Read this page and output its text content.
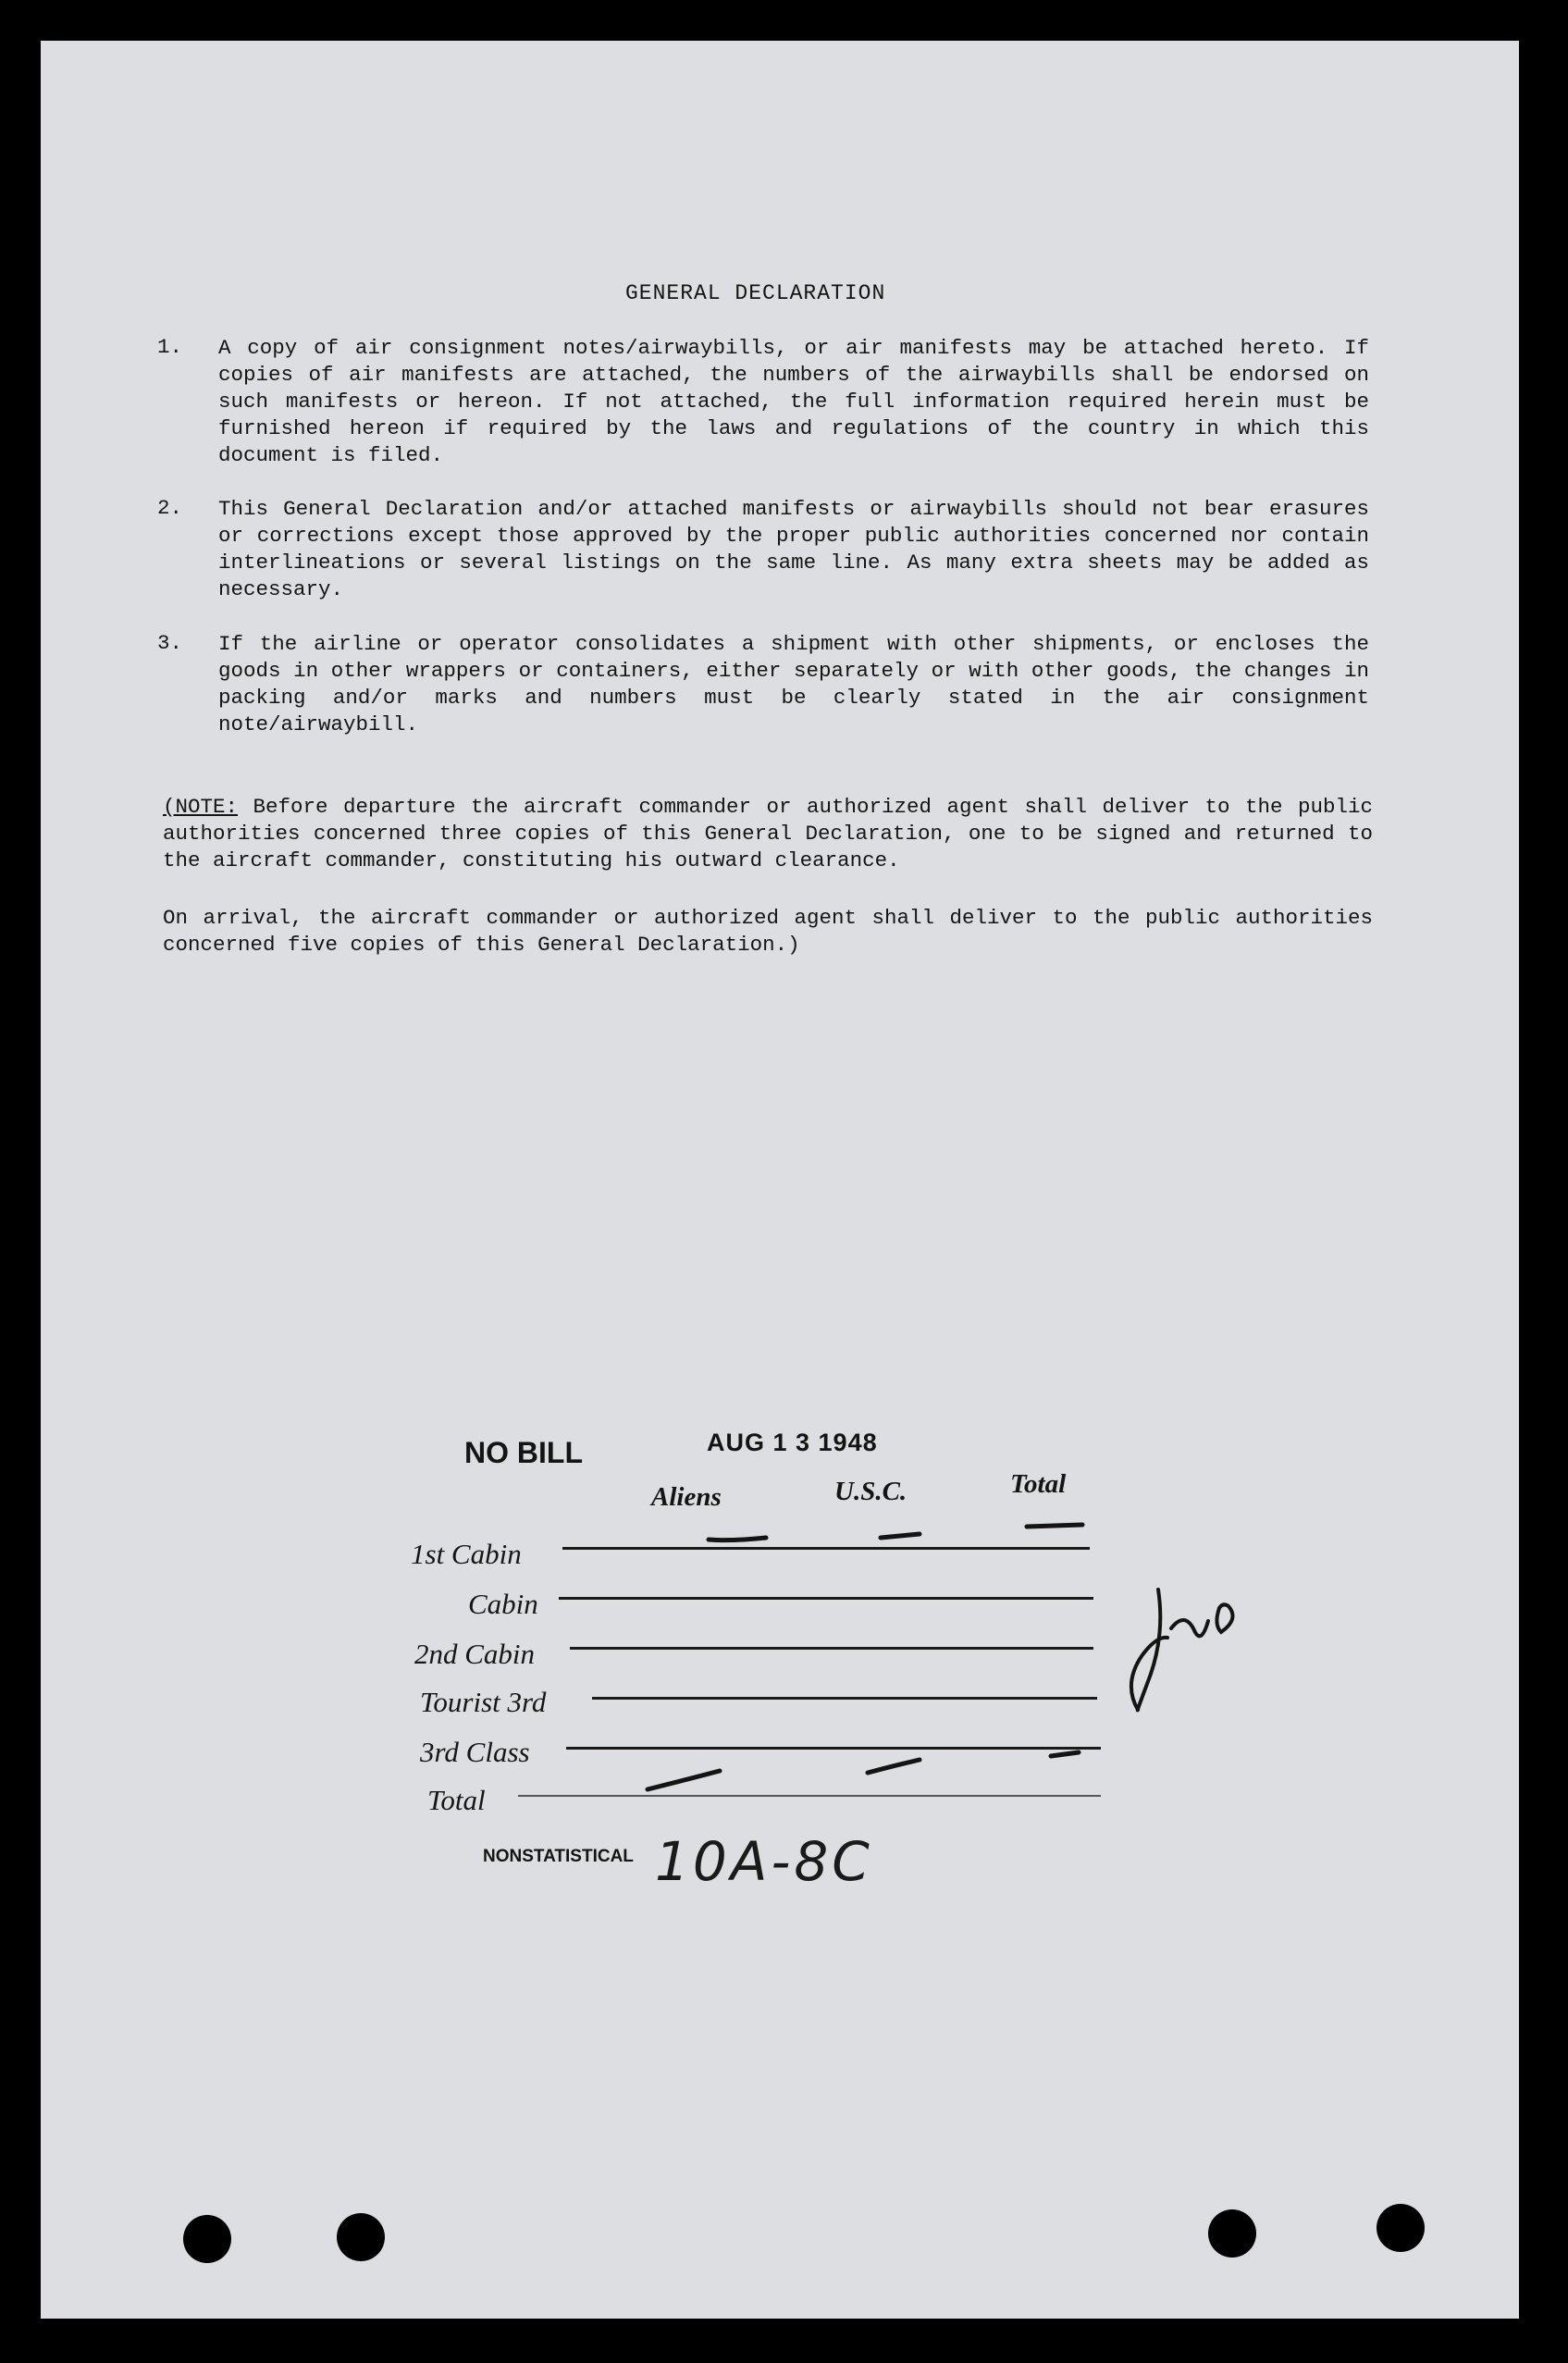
GENERAL DECLARATION
1. A copy of air consignment notes/airwaybills, or air manifests may be attached hereto. If copies of air manifests are attached, the numbers of the airwaybills shall be endorsed on such manifests or hereon. If not attached, the full information required herein must be furnished hereon if required by the laws and regulations of the country in which this document is filed.
2. This General Declaration and/or attached manifests or airwaybills should not bear erasures or corrections except those approved by the proper public authorities concerned nor contain interlineations or several listings on the same line. As many extra sheets may be added as necessary.
3. If the airline or operator consolidates a shipment with other shipments, or encloses the goods in other wrappers or containers, either separately or with other goods, the changes in packing and/or marks and numbers must be clearly stated in the air consignment note/airwaybill.
(NOTE: Before departure the aircraft commander or authorized agent shall deliver to the public authorities concerned three copies of this General Declaration, one to be signed and returned to the aircraft commander, constituting his outward clearance.
On arrival, the aircraft commander or authorized agent shall deliver to the public authorities concerned five copies of this General Declaration.)
NO BILL	AUG 1 3 1948
Aliens	U.S.C.	Total
1st Cabin
Cabin
2nd Cabin
Tourist 3rd
3rd Class
Total
NONSTATISTICAL 10A-8C
